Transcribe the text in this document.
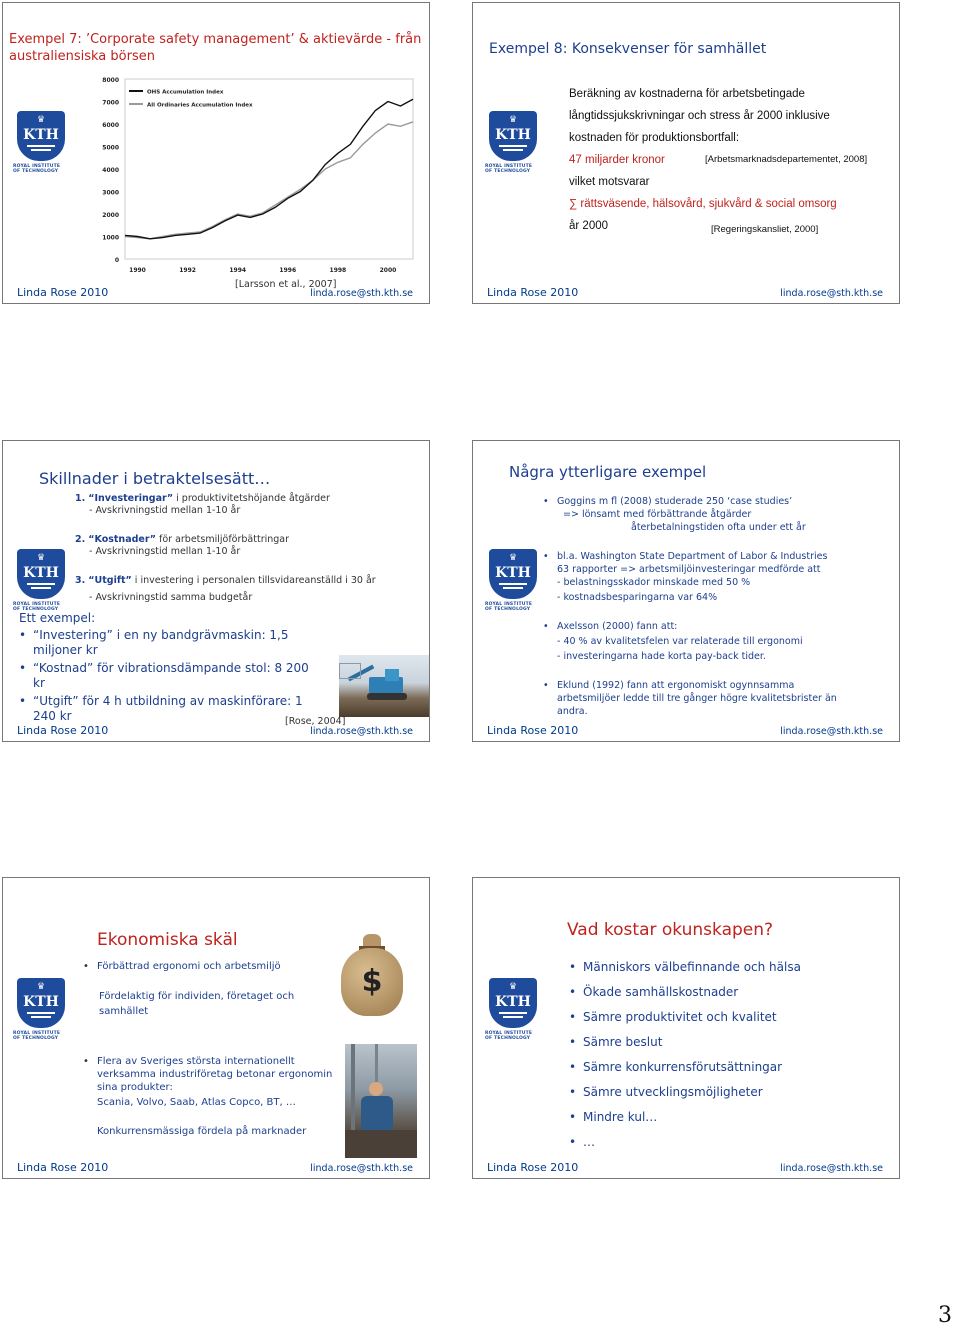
Exempel 7: ’Corporate safety management’ & aktievärde - från australiensiska börsen
♛
KTH
ROYAL INSTITUTE
OF TECHNOLOGY
0
1000
2000
3000
4000
5000
6000
7000
8000
1990	1992	1994	1996	1998	2000
OHS Accumulation Index
All Ordinaries Accumulation Index
[Larsson et al., 2007]
Linda Rose 2010	linda.rose@sth.kth.se
Exempel 8: Konsekvenser för samhället
♛
KTH
ROYAL INSTITUTE
OF TECHNOLOGY
Beräkning av kostnaderna för arbetsbetingade
långtidssjukskrivningar och stress år 2000 inklusive
kostnaden för produktionsbortfall:
47 miljarder kronor	[Arbetsmarknadsdepartementet, 2008]
vilket motsvarar
∑ rättsväsende, hälsovård, sjukvård & social omsorg
år 2000	[Regeringskansliet, 2000]
Linda Rose 2010	linda.rose@sth.kth.se
Skillnader i betraktelsesätt…
♛
KTH
ROYAL INSTITUTE
OF TECHNOLOGY
1. “Investeringar” i produktivitetshöjande åtgärder
- Avskrivningstid mellan 1-10 år
2. “Kostnader” för arbetsmiljöförbättringar
- Avskrivningstid mellan 1-10 år
3. “Utgift” i investering i personalen tillsvidareanställd i 30 år
- Avskrivningstid samma budgetår
Ett exempel:
• “Investering” i en ny bandgrävmaskin: 1,5 miljoner kr
• “Kostnad” för vibrationsdämpande stol: 8 200 kr
• “Utgift” för 4 h utbildning av maskinförare: 1 240 kr	[Rose, 2004]
Linda Rose 2010	linda.rose@sth.kth.se
Några ytterligare exempel
♛
KTH
ROYAL INSTITUTE
OF TECHNOLOGY
• Goggins m fl (2008) studerade 250 ‘case studies’
=> lönsamt med förbättrande åtgärder
återbetalningstiden ofta under ett år
• bl.a. Washington State Department of Labor & Industries
63 rapporter => arbetsmiljöinvesteringar medförde att
- belastningsskador minskade med 50 %
- kostnadsbesparingarna var 64%
• Axelsson (2000) fann att:
- 40 % av kvalitetsfelen var relaterade till ergonomi
- investeringarna hade korta pay-back tider.
• Eklund (1992) fann att ergonomiskt ogynnsamma
arbetsmiljöer ledde till tre gånger högre kvalitetsbrister än
andra.
Linda Rose 2010	linda.rose@sth.kth.se
Ekonomiska skäl
♛
KTH
ROYAL INSTITUTE
OF TECHNOLOGY
• Förbättrad ergonomi och arbetsmiljö
Fördelaktig för individen, företaget och
samhället
• Flera av Sveriges största internationellt
verksamma industriföretag betonar ergonomin
sina produkter:
Scania, Volvo, Saab, Atlas Copco, BT, …
Konkurrensmässiga fördela på marknader
$
Linda Rose 2010	linda.rose@sth.kth.se
Vad kostar okunskapen?
♛
KTH
ROYAL INSTITUTE
OF TECHNOLOGY
• Människors välbefinnande och hälsa
• Ökade samhällskostnader
• Sämre produktivitet och kvalitet
• Sämre beslut
• Sämre konkurrensförutsättningar
• Sämre utvecklingsmöjligheter
• Mindre kul…
• …
Linda Rose 2010	linda.rose@sth.kth.se
3
